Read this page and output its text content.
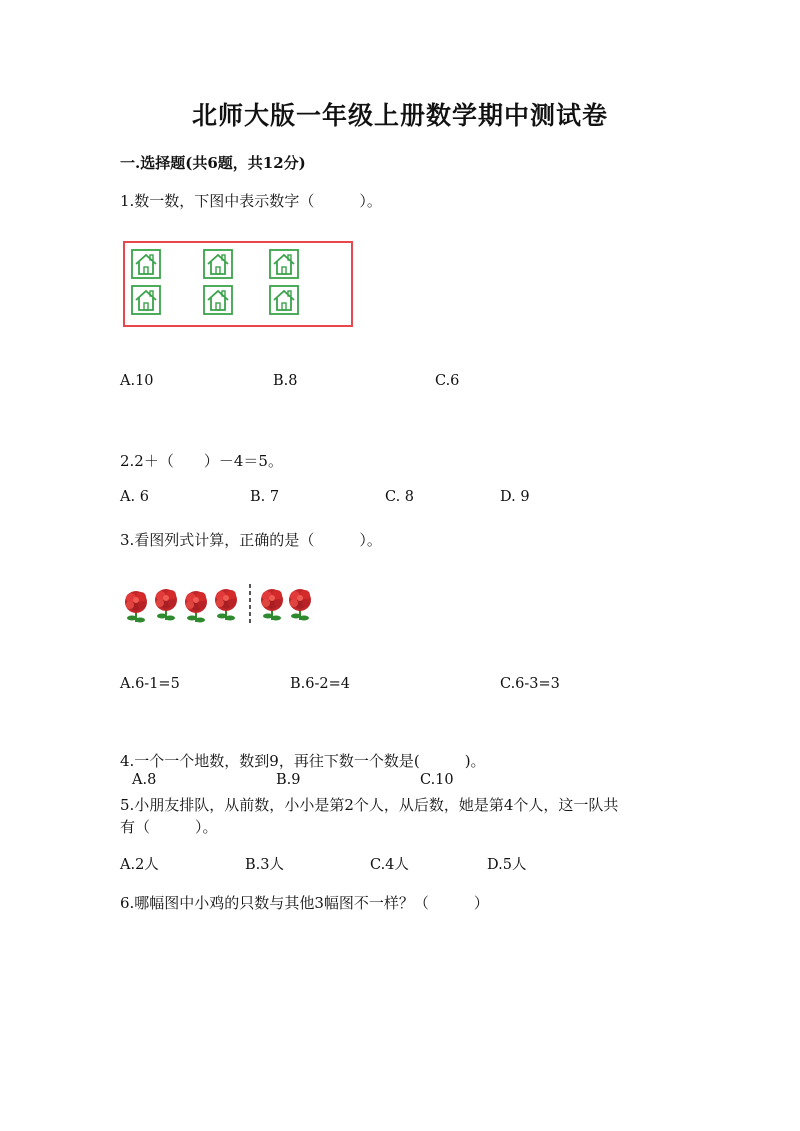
北师大版一年级上册数学期中测试卷
一.选择题(共6题，共12分)
1.数一数，下图中表示数字（　　　）。
A.10	B.8	C.6
2.2＋（　　）－4＝5。
A. 6	B. 7	C. 8	D. 9
3.看图列式计算，正确的是（　　　）。
A.6-1=5	B.6-2=4	C.6-3=3
4.一个一个地数，数到9，再往下数一个数是(　　　)。
A.8	B.9	C.10
5.小朋友排队，从前数，小小是第2个人，从后数，她是第4个人，这一队共
有（　　　）。
A.2人	B.3人	C.4人	D.5人
6.哪幅图中小鸡的只数与其他3幅图不一样？（　　　）
